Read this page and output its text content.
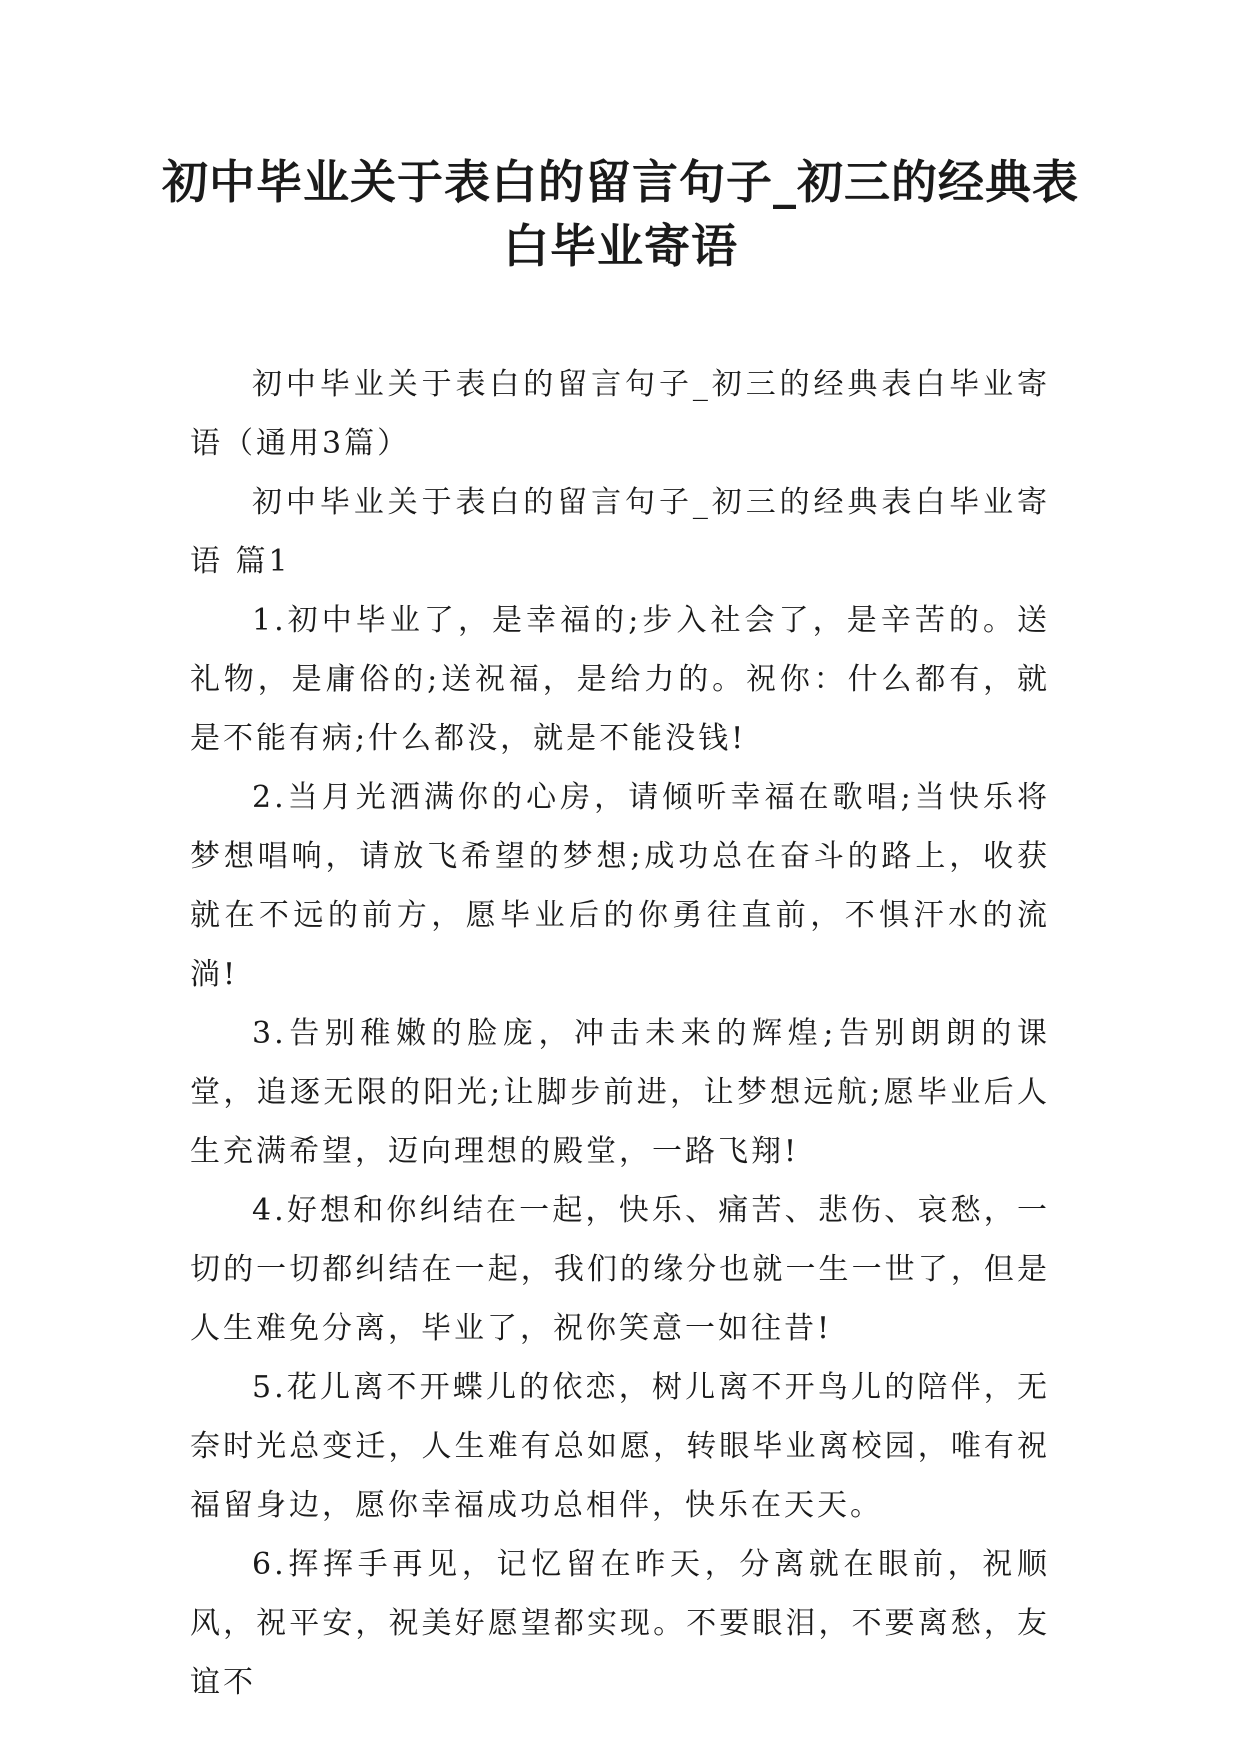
初中毕业关于表白的留言句子_初三的经典表白毕业寄语

初中毕业关于表白的留言句子_初三的经典表白毕业寄语（通用3篇）

初中毕业关于表白的留言句子_初三的经典表白毕业寄语 篇1

1.初中毕业了，是幸福的;步入社会了，是辛苦的。送礼物，是庸俗的;送祝福，是给力的。祝你：什么都有，就是不能有病;什么都没，就是不能没钱!

2.当月光洒满你的心房，请倾听幸福在歌唱;当快乐将梦想唱响，请放飞希望的梦想;成功总在奋斗的路上，收获就在不远的前方，愿毕业后的你勇往直前，不惧汗水的流淌!

3.告别稚嫩的脸庞，冲击未来的辉煌;告别朗朗的课堂，追逐无限的阳光;让脚步前进，让梦想远航;愿毕业后人生充满希望，迈向理想的殿堂，一路飞翔!

4.好想和你纠结在一起，快乐、痛苦、悲伤、哀愁，一切的一切都纠结在一起，我们的缘分也就一生一世了，但是人生难免分离，毕业了，祝你笑意一如往昔!

5.花儿离不开蝶儿的依恋，树儿离不开鸟儿的陪伴，无奈时光总变迁，人生难有总如愿，转眼毕业离校园，唯有祝福留身边，愿你幸福成功总相伴，快乐在天天。

6.挥挥手再见，记忆留在昨天，分离就在眼前，祝顺风，祝平安，祝美好愿望都实现。不要眼泪，不要离愁，友谊不
